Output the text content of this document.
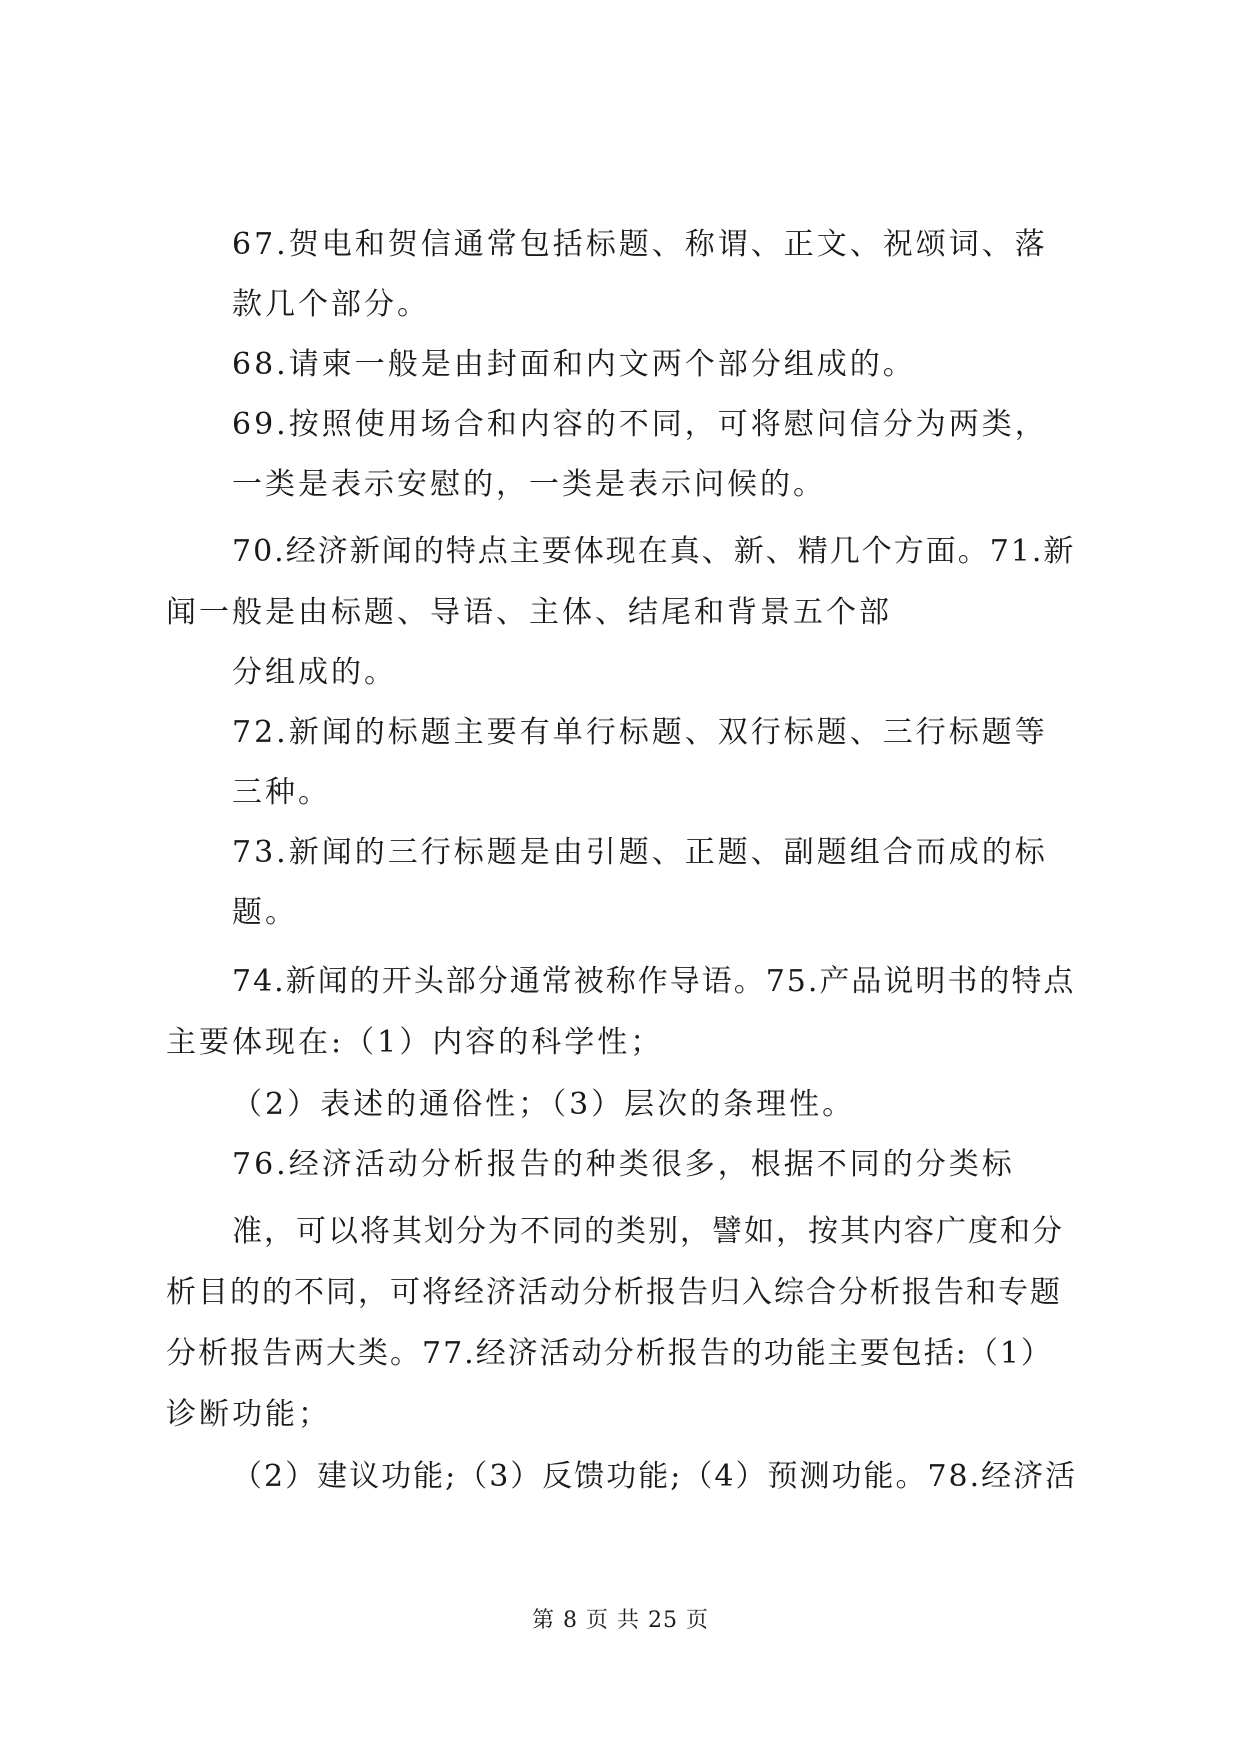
67.贺电和贺信通常包括标题、称谓、正文、祝颂词、落
款几个部分。
68.请柬一般是由封面和内文两个部分组成的。
69.按照使用场合和内容的不同，可将慰问信分为两类，
一类是表示安慰的，一类是表示问候的。
70.经济新闻的特点主要体现在真、新、精几个方面。71.新
闻一般是由标题、导语、主体、结尾和背景五个部
分组成的。
72.新闻的标题主要有单行标题、双行标题、三行标题等
三种。
73.新闻的三行标题是由引题、正题、副题组合而成的标
题。
74.新闻的开头部分通常被称作导语。75.产品说明书的特点
主要体现在:（1）内容的科学性；
（2）表述的通俗性；（3）层次的条理性。
76.经济活动分析报告的种类很多，根据不同的分类标
准，可以将其划分为不同的类别，譬如，按其内容广度和分
析目的的不同，可将经济活动分析报告归入综合分析报告和专题
分析报告两大类。77.经济活动分析报告的功能主要包括:（1）
诊断功能；
（2）建议功能;（3）反馈功能;（4）预测功能。78.经济活
第 8 页 共 25 页
